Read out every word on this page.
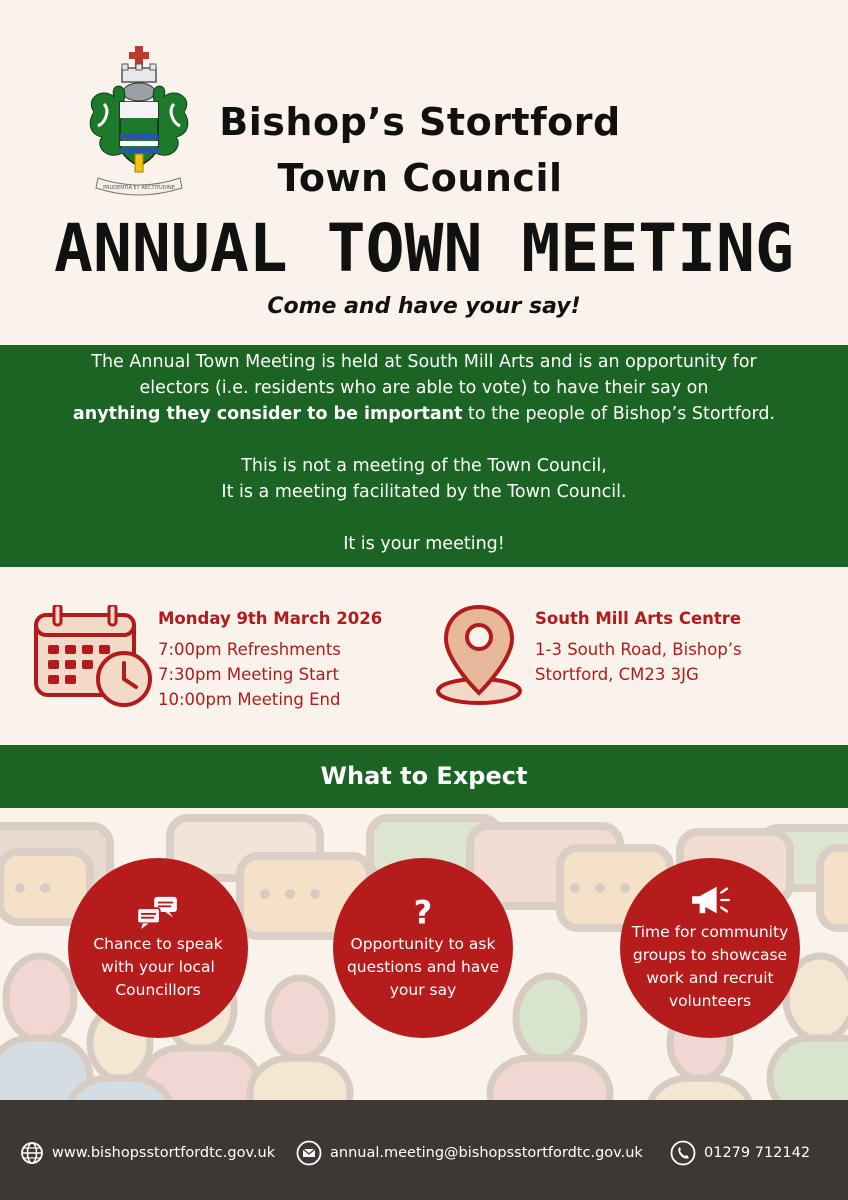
PRUDENTIA ET RECTITUDINE
Bishop’s Stortford
Town Council
ANNUAL TOWN MEETING
Come and have your say!

The Annual Town Meeting is held at South Mill Arts and is an opportunity for

electors (i.e. residents who are able to vote) to have their say on

anything they consider to be important to the people of Bishop’s Stortford.

This is not a meeting of the Town Council,

It is a meeting facilitated by the Town Council.

It is your meeting!

Monday 9th March 2026
7:00pm Refreshments
7:30pm Meeting Start
10:00pm Meeting End
South Mill Arts Centre
1-3 South Road, Bishop’s
Stortford, CM23 3JG
What to Expect
Chance to speak
with your local
Councillors
?
Opportunity to ask
questions and have
your say
Time for community
groups to showcase
work and recruit
volunteers
www.bishopsstortfordtc.gov.uk	annual.meeting@bishopsstortfordtc.gov.uk	01279 712142
